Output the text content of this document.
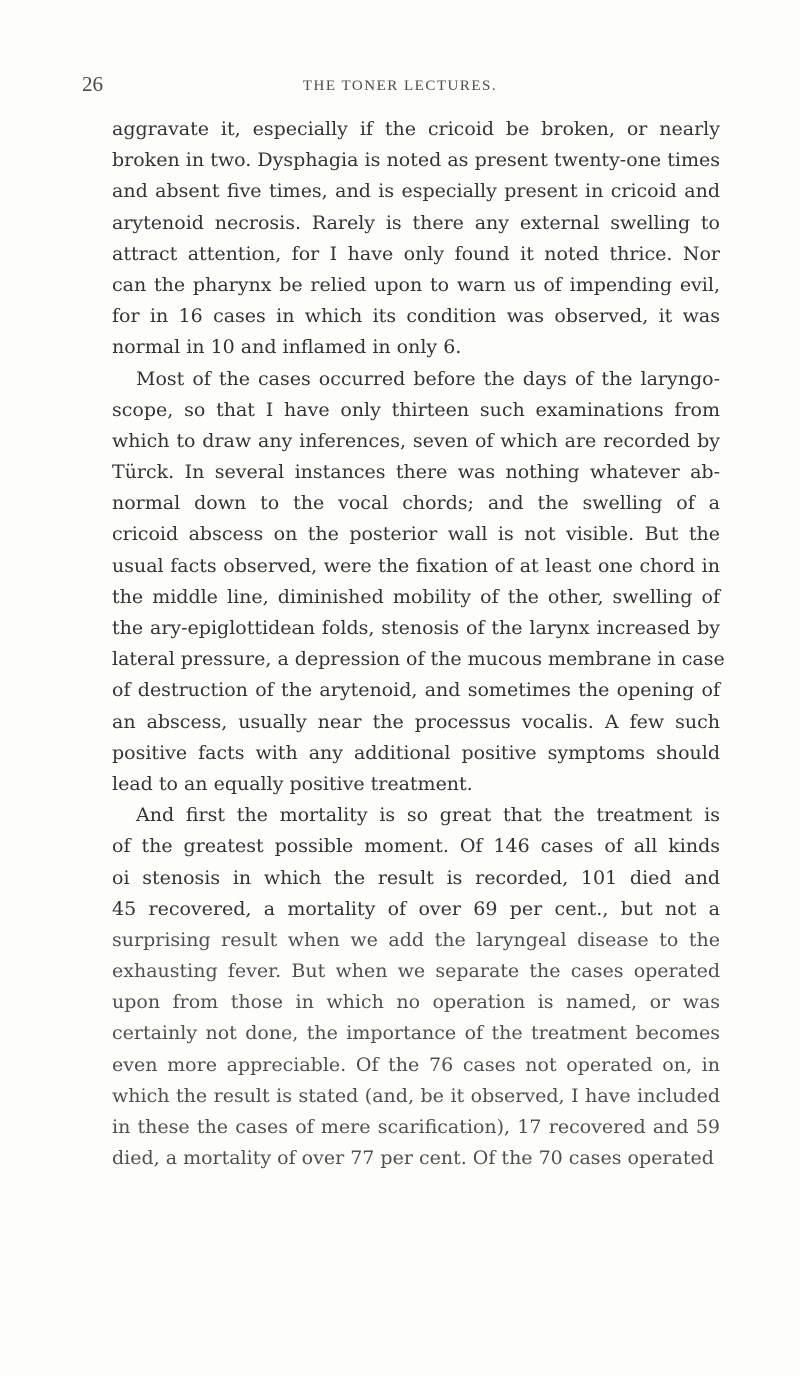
26	THE TONER LECTURES.
aggravate it, especially if the cricoid be broken, or nearly
broken in two. Dysphagia is noted as present twenty-one times
and absent five times, and is especially present in cricoid and
arytenoid necrosis. Rarely is there any external swelling to
attract attention, for I have only found it noted thrice. Nor
can the pharynx be relied upon to warn us of impending evil,
for in 16 cases in which its condition was observed, it was
normal in 10 and inflamed in only 6.
Most of the cases occurred before the days of the laryngo-
scope, so that I have only thirteen such examinations from
which to draw any inferences, seven of which are recorded by
Türck. In several instances there was nothing whatever ab-
normal down to the vocal chords; and the swelling of a
cricoid abscess on the posterior wall is not visible. But the
usual facts observed, were the fixation of at least one chord in
the middle line, diminished mobility of the other, swelling of
the ary-epiglottidean folds, stenosis of the larynx increased by
lateral pressure, a depression of the mucous membrane in case
of destruction of the arytenoid, and sometimes the opening of
an abscess, usually near the processus vocalis. A few such
positive facts with any additional positive symptoms should
lead to an equally positive treatment.
And first the mortality is so great that the treatment is
of the greatest possible moment. Of 146 cases of all kinds
oi stenosis in which the result is recorded, 101 died and
45 recovered, a mortality of over 69 per cent., but not a
surprising result when we add the laryngeal disease to the
exhausting fever. But when we separate the cases operated
upon from those in which no operation is named, or was
certainly not done, the importance of the treatment becomes
even more appreciable. Of the 76 cases not operated on, in
which the result is stated (and, be it observed, I have included
in these the cases of mere scarification), 17 recovered and 59
died, a mortality of over 77 per cent. Of the 70 cases operated
